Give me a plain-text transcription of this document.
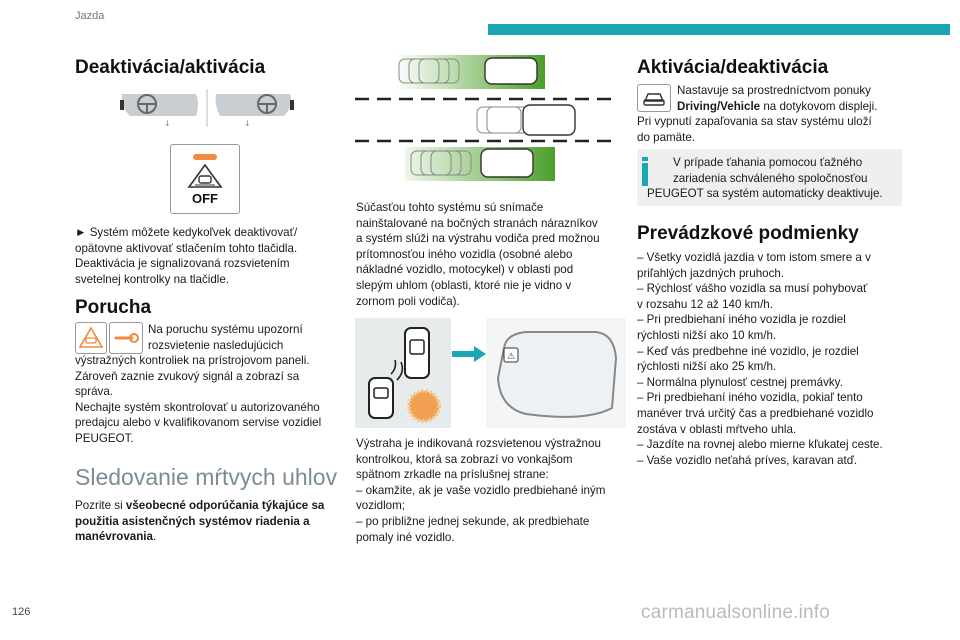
Jazda
Deaktivácia/aktivácia
↓	↓
OFF
► Systém môžete kedykoľvek deaktivovať/
opätovne aktivovať stlačením tohto tlačidla.
Deaktivácia je signalizovaná rozsvietením
svetelnej kontrolky na tlačidle.
Porucha
Na poruchu systému upozorní
rozsvietenie nasledujúcich
výstražných kontroliek na prístrojovom paneli.
Zároveň zaznie zvukový signál a zobrazí sa
správa.
Nechajte systém skontrolovať u autorizovaného
predajcu alebo v kvalifikovanom servise vozidiel
PEUGEOT.
Sledovanie mŕtvych uhlov
Pozrite si všeobecné odporúčania týkajúce sa
použitia asistenčných systémov riadenia a
manévrovania.
Súčasťou tohto systému sú snímače
nainštalované na bočných stranách nárazníkov
a systém slúži na výstrahu vodiča pred možnou
prítomnosťou iného vozidla (osobné alebo
nákladné vozidlo, motocykel) v oblasti pod
slepým uhlom (oblasti, ktoré nie je vidno v
zornom poli vodiča).
⚠
Výstraha je indikovaná rozsvietenou výstražnou
kontrolkou, ktorá sa zobrazí vo vonkajšom
spätnom zrkadle na príslušnej strane:
– okamžite, ak je vaše vozidlo predbiehané iným
vozidlom;
– po približne jednej sekunde, ak predbiehate
pomaly iné vozidlo.
Aktivácia/deaktivácia
Nastavuje sa prostredníctvom ponuky
Driving/Vehicle na dotykovom displeji.
Pri vypnutí zapaľovania sa stav systému uloží
do pamäte.
V prípade ťahania pomocou ťažného
zariadenia schváleného spoločnosťou
PEUGEOT sa systém automaticky deaktivuje.
Prevádzkové podmienky
– Všetky vozidlá jazdia v tom istom smere a v
priľahlých jazdných pruhoch.
– Rýchlosť vášho vozidla sa musí pohybovať
v rozsahu 12 až 140 km/h.
– Pri predbiehaní iného vozidla je rozdiel
rýchlosti nižší ako 10 km/h.
– Keď vás predbehne iné vozidlo, je rozdiel
rýchlosti nižší ako 25 km/h.
– Normálna plynulosť cestnej premávky.
– Pri predbiehaní iného vozidla, pokiaľ tento
manéver trvá určitý čas a predbiehané vozidlo
zostáva v oblasti mŕtveho uhla.
– Jazdíte na rovnej alebo mierne kľukatej ceste.
– Vaše vozidlo neťahá príves, karavan atď.
126	carmanualsonline.info
